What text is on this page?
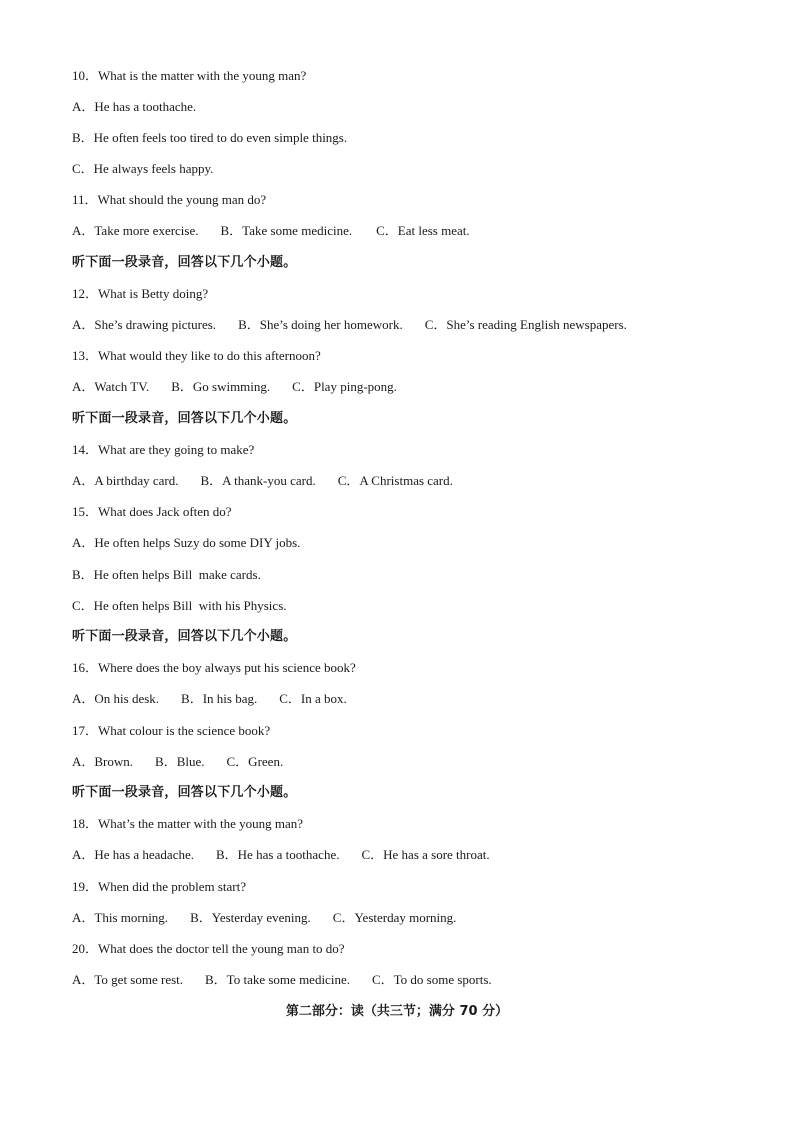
10．What is the matter with the young man?
A．He has a toothache.
B．He often feels too tired to do even simple things.
C．He always feels happy.
11．What should the young man do?
A．Take more exercise. B．Take some medicine. C．Eat less meat.
听下面一段录音，回答以下几个小题。
12．What is Betty doing?
A．She’s drawing pictures. B．She’s doing her homework. C．She’s reading English newspapers.
13．What would they like to do this afternoon?
A．Watch TV. B．Go swimming. C．Play ping-pong.
听下面一段录音，回答以下几个小题。
14．What are they going to make?
A．A birthday card. B．A thank-you card. C．A Christmas card.
15．What does Jack often do?
A．He often helps Suzy do some DIY jobs.
B．He often helps Bill  make cards.
C．He often helps Bill  with his Physics.
听下面一段录音，回答以下几个小题。
16．Where does the boy always put his science book?
A．On his desk. B．In his bag. C．In a box.
17．What colour is the science book?
A．Brown. B．Blue. C．Green.
听下面一段录音，回答以下几个小题。
18．What’s the matter with the young man?
A．He has a headache. B．He has a toothache. C．He has a sore throat.
19．When did the problem start?
A．This morning. B．Yesterday evening. C．Yesterday morning.
20．What does the doctor tell the young man to do?
A．To get some rest. B．To take some medicine. C．To do some sports.
第二部分：读（共三节；满分 70 分）
